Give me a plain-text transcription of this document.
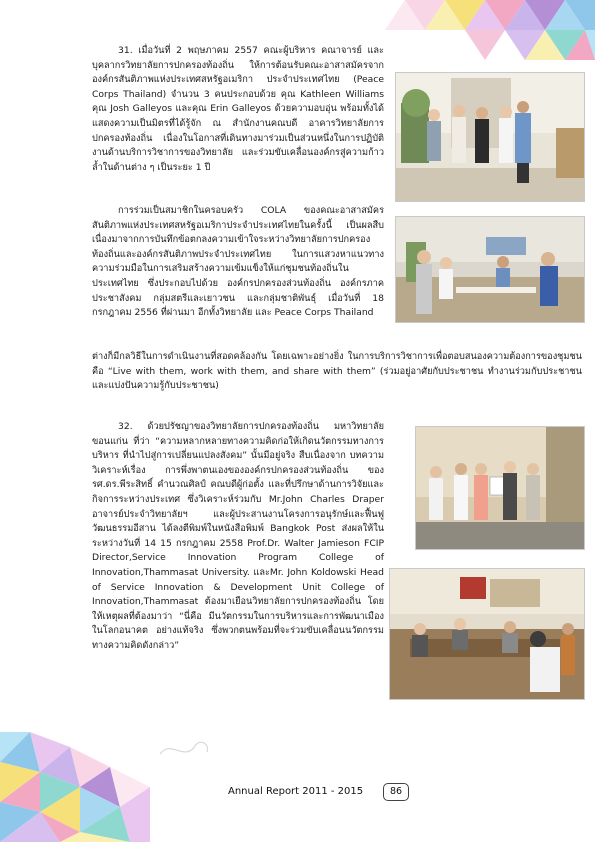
31. เมื่อวันที่ 2 พฤษภาคม 2557 คณะผู้บริหาร คณาจารย์ และบุคลากรวิทยาลัยการปกครองท้องถิ่น ให้การต้อนรับคณะอาสาสมัครจากองค์กรสันติภาพแห่งประเทศสหรัฐอเมริกา ประจำประเทศไทย (Peace Corps Thailand) จำนวน 3 คนประกอบด้วย คุณ Kathleen Williams คุณ Josh Galleyos และคุณ Erin Galleyos ด้วยความอบอุ่น พร้อมทั้งได้แสดงความเป็นมิตรที่ได้รู้จัก ณ สำนักงานคณบดี อาคารวิทยาลัยการปกครองท้องถิ่น เนื่องในโอกาสที่เดินทางมาร่วมเป็นส่วนหนึ่งในการปฏิบัติงานด้านบริการวิชาการของวิทยาลัย และร่วมขับเคลื่อนองค์กรสู่ความก้าวล้ำในด้านต่าง ๆ เป็นระยะ 1 ปี

การร่วมเป็นสมาชิกในครอบครัว COLA ของคณะอาสาสมัครสันติภาพแห่งประเทศสหรัฐอเมริกาประจำประเทศไทยในครั้งนี้ เป็นผลสืบเนื่องมาจากการบันทึกข้อตกลงความเข้าใจระหว่างวิทยาลัยการปกครองท้องถิ่นและองค์กรสันติภาพประจำประเทศไทย ในการแสวงหาแนวทางความร่วมมือในการเสริมสร้างความเข้มแข็งให้แก่ชุมชนท้องถิ่นในประเทศไทย ซึ่งประกอบไปด้วย องค์กรปกครองส่วนท้องถิ่น องค์กรภาคประชาสังคม กลุ่มสตรีและเยาวชน และกลุ่มชาติพันธุ์ เมื่อวันที่ 18 กรกฎาคม 2556 ที่ผ่านมา อีกทั้งวิทยาลัย และ Peace Corps Thailand

ต่างก็มีกลวิธีในการดำเนินงานที่สอดคล้องกัน โดยเฉพาะอย่างยิ่ง ในการบริการวิชาการเพื่อตอบสนองความต้องการของชุมชน คือ “Live with them, work with them, and share with them” (ร่วมอยู่อาศัยกับประชาชน ทำงานร่วมกับประชาชน และแบ่งปันความรู้กับประชาชน)

32. ด้วยปรัชญาของวิทยาลัยการปกครองท้องถิ่น มหาวิทยาลัยขอนแก่น ที่ว่า “ความหลากหลายทางความคิดก่อให้เกิดนวัตกรรมทางการบริหาร ที่นำไปสู่การเปลี่ยนแปลงสังคม” นั้นมีอยู่จริง สืบเนื่องจาก บทความวิเคราะห์เรื่อง การพึ่งพาตนเองขององค์กรปกครองส่วนท้องถิ่น ของ รศ.ดร.พีระสิทธิ์ คำนวณศิลป์ คณบดีผู้ก่อตั้ง และที่ปรึกษาด้านการวิจัยและกิจการระหว่างประเทศ ซึ่งวิเคราะห์ร่วมกับ Mr.John Charles Draper อาจารย์ประจำวิทยาลัยฯ และผู้ประสานงานโครงการอนุรักษ์และฟื้นฟูวัฒนธรรมอีสาน ได้ลงตีพิมพ์ในหนังสือพิมพ์ Bangkok Post ส่งผลให้ในระหว่างวันที่ 14 15 กรกฎาคม 2558 Prof.Dr. Walter Jamieson FCIP Director,Service Innovation Program College of Innovation,Thammasat University. และMr. John Koldowski Head of Service Innovation & Development Unit College of Innovation,Thammasat ต้องมาเยือนวิทยาลัยการปกครองท้องถิ่น โดยให้เหตุผลที่ต้องมาว่า “นี่คือ มีนวัตกรรมในการบริหารและการพัฒนาเมืองในโลกอนาคต อย่างแท้จริง ซึ่งพวกตนพร้อมที่จะร่วมขับเคลื่อนนวัตกรรมทางความคิดดังกล่าว”

Annual Report 2011 - 2015	86
